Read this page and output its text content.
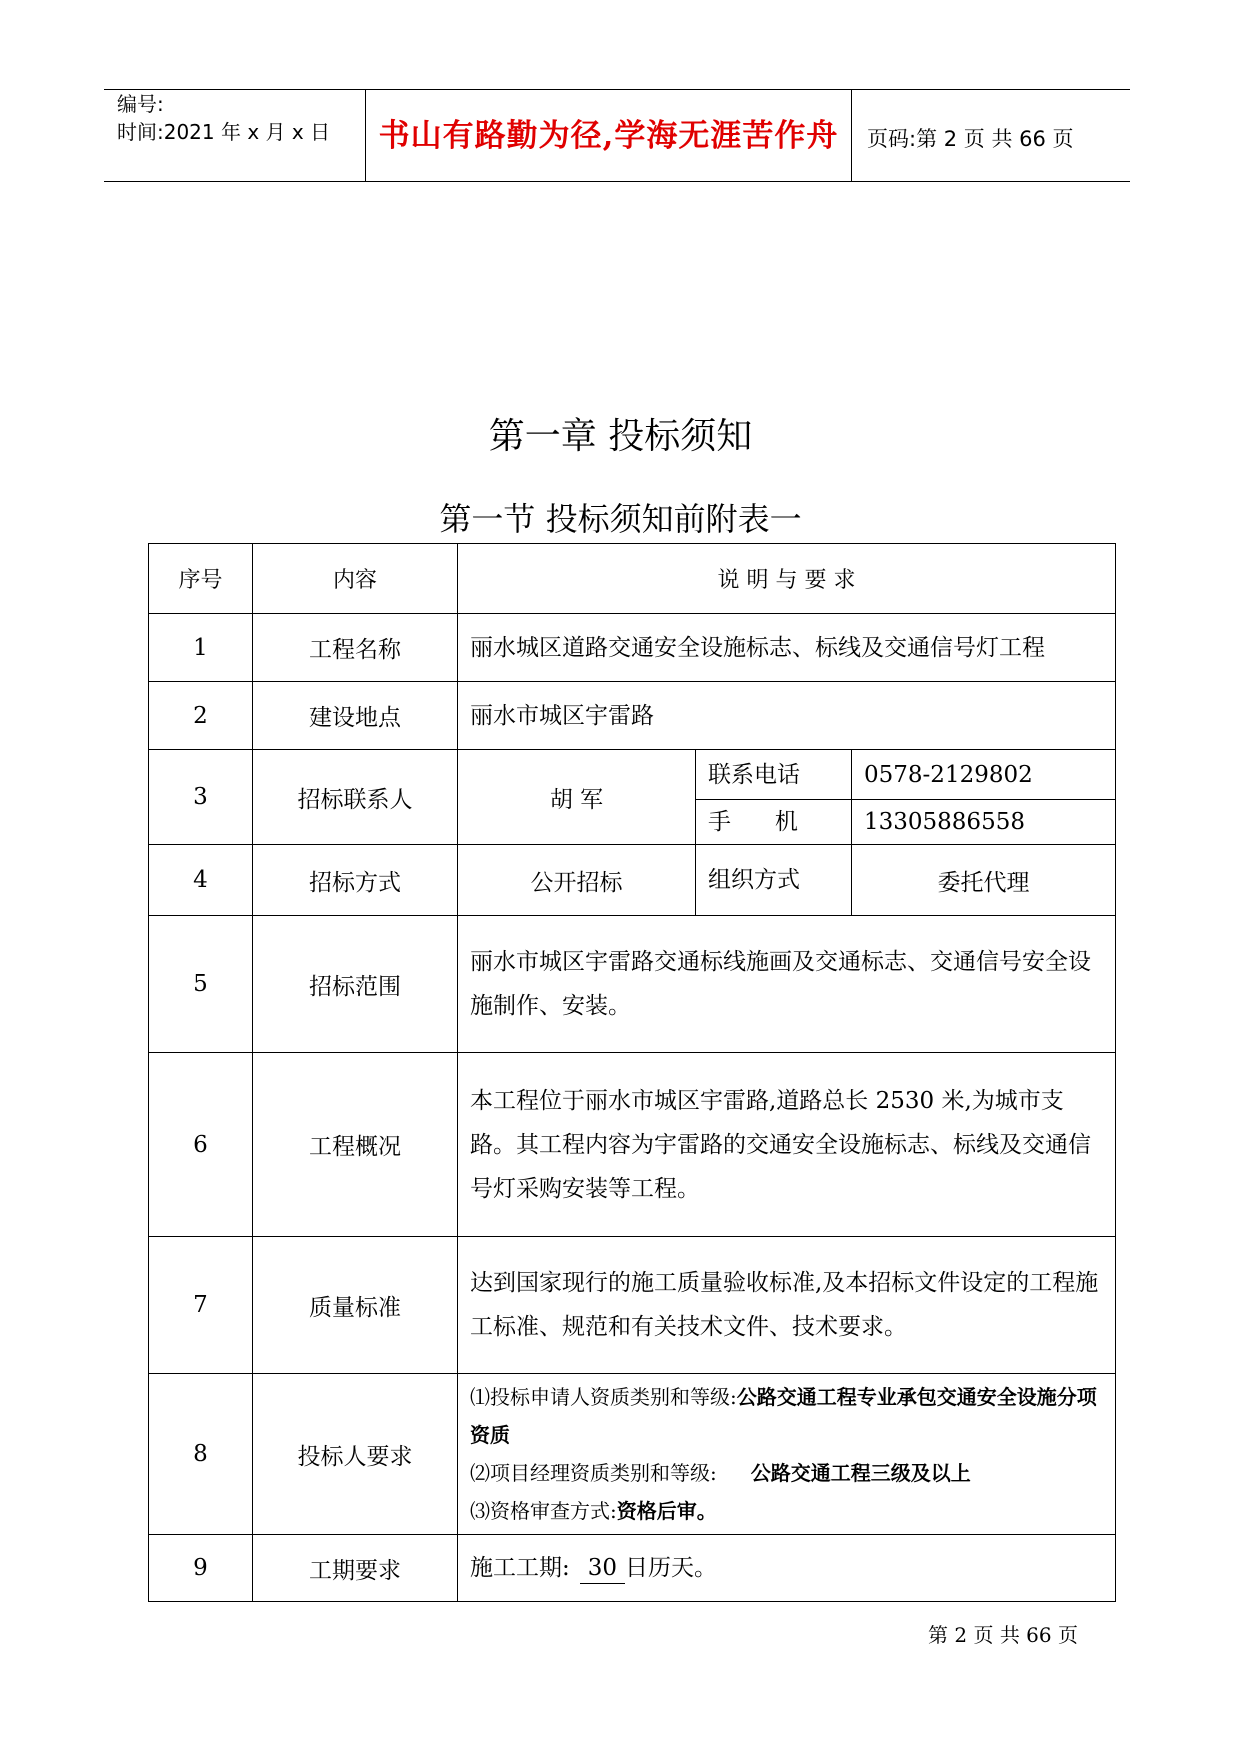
编号:
时间:2021 年 x 月 x 日	书山有路勤为径,学海无涯苦作舟	页码:第 2 页 共 66 页
第一章 投标须知
第一节 投标须知前附表一
序号	内容	说 明 与 要 求		
1	工程名称	丽水城区道路交通安全设施标志、标线及交通信号灯工程		
2	建设地点	丽水市城区宇雷路		
3	招标联系人	胡 军	联系电话	0578-2129802
			手      机	13305886558
4	招标方式	公开招标	组织方式	委托代理
5	招标范围	丽水市城区宇雷路交通标线施画及交通标志、交通信号安全设施制作、安装。		
6	工程概况	本工程位于丽水市城区宇雷路,道路总长 2530 米,为城市支路。其工程内容为宇雷路的交通安全设施标志、标线及交通信号灯采购安装等工程。		
7	质量标准	达到国家现行的施工质量验收标准,及本招标文件设定的工程施工标准、规范和有关技术文件、技术要求。		
8	投标人要求	⑴投标申请人资质类别和等级:公路交通工程专业承包交通安全设施分项资质
⑵项目经理资质类别和等级: 公路交通工程三级及以上
⑶资格审查方式:资格后审。		

9	工期要求	施工工期: 30 日历天。		
第 2 页 共 66 页
